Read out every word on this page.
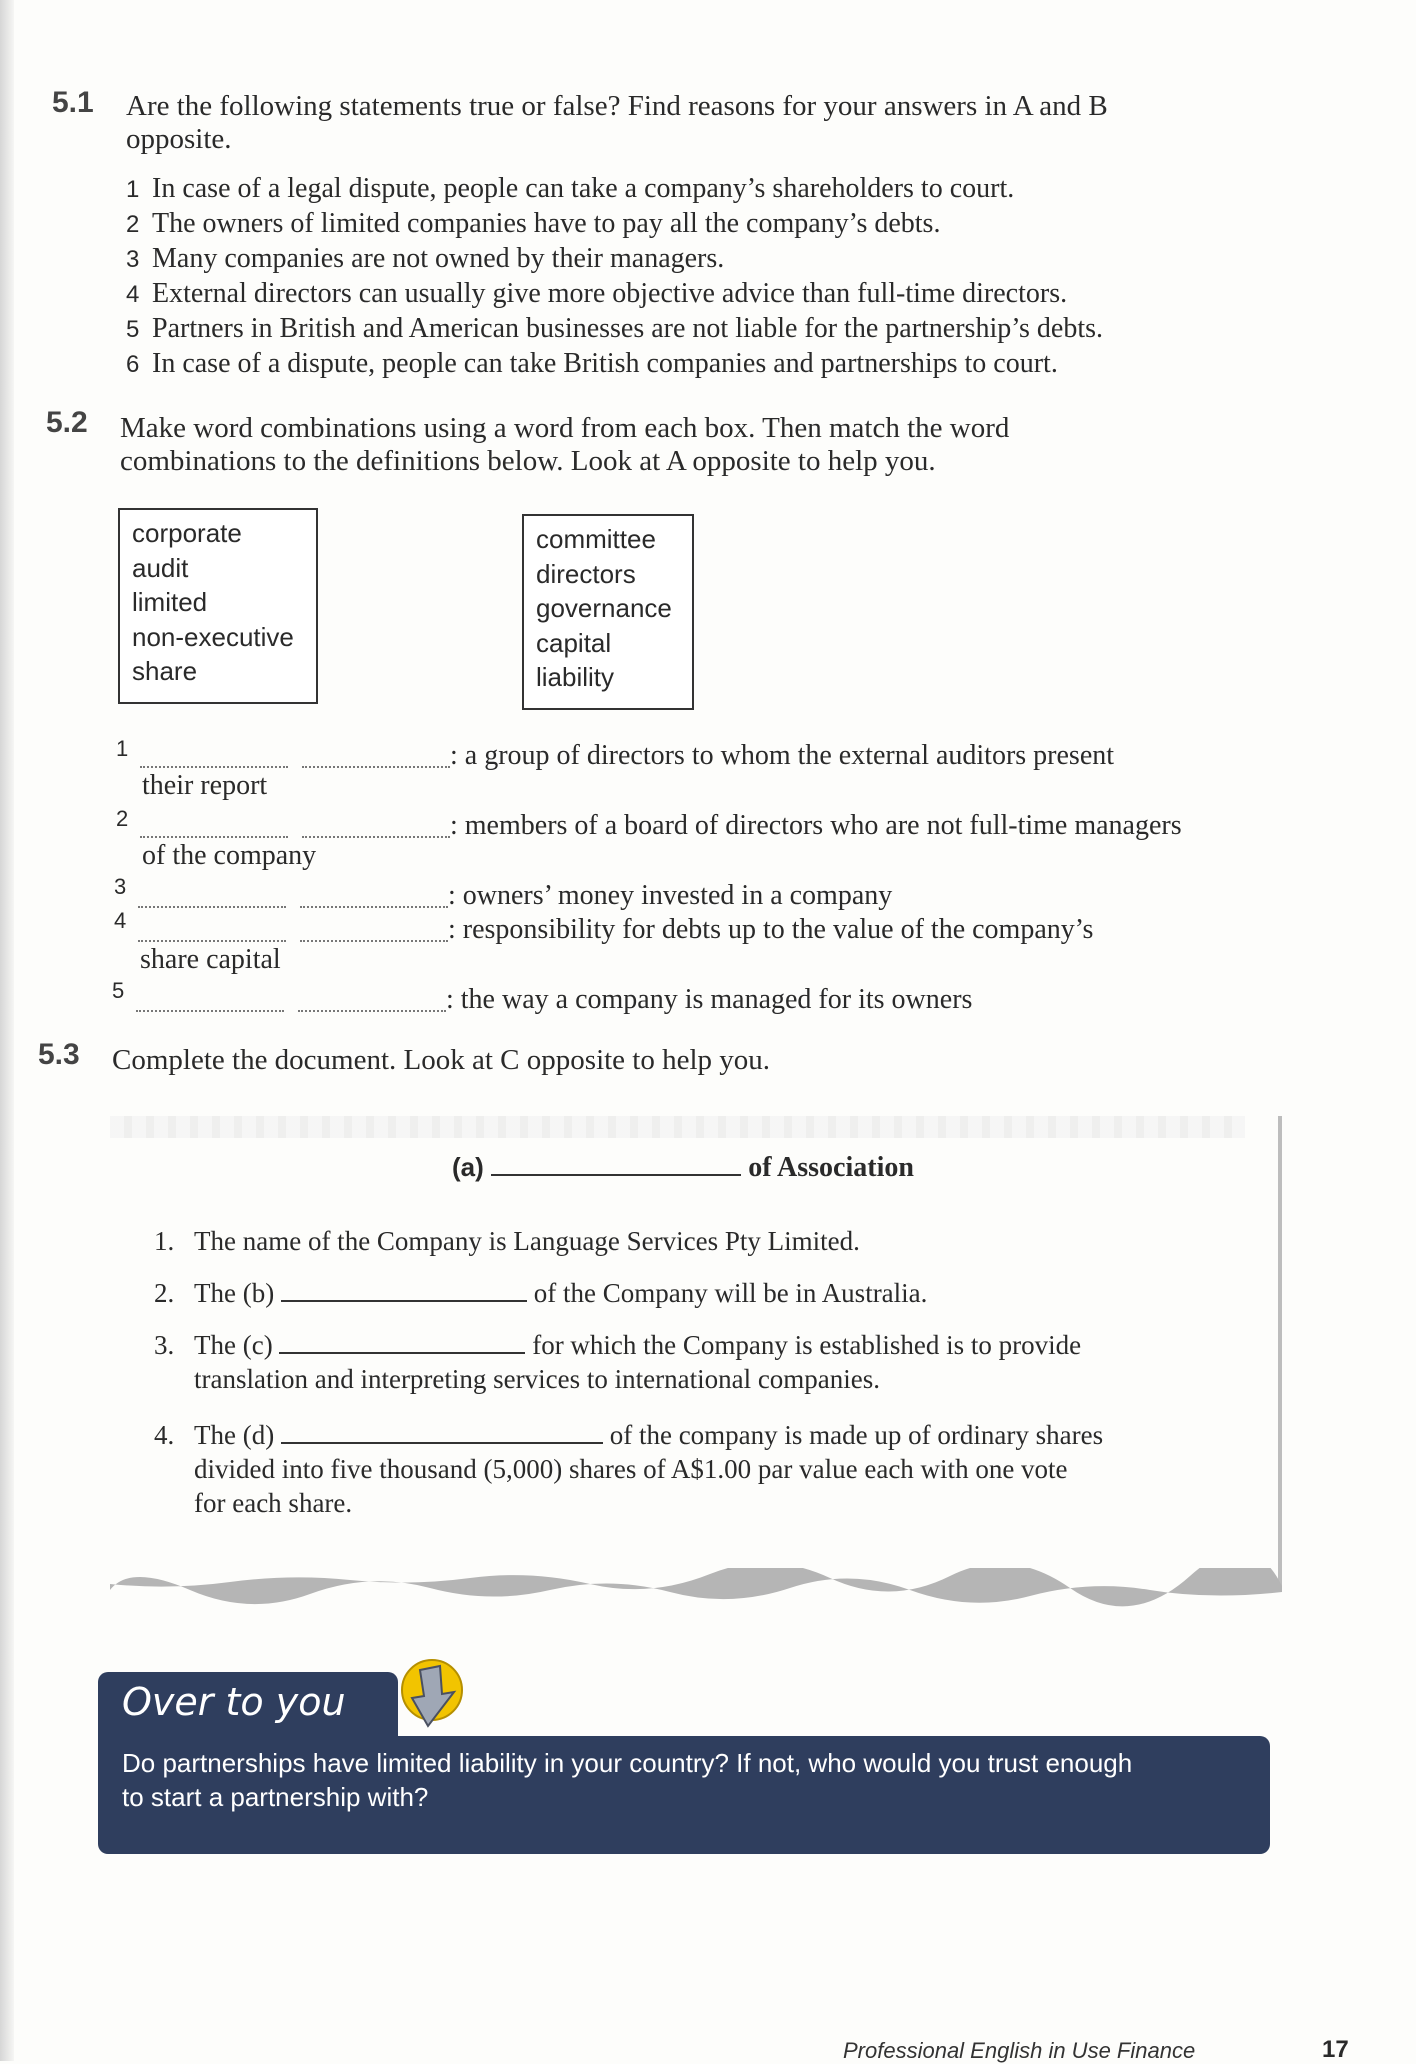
5.1 Are the following statements true or false? Find reasons for your answers in A and B
opposite.
1 In case of a legal dispute, people can take a company’s shareholders to court.
2 The owners of limited companies have to pay all the company’s debts.
3 Many companies are not owned by their managers.
4 External directors can usually give more objective advice than full-time directors.
5 Partners in British and American businesses are not liable for the partnership’s debts.
6 In case of a dispute, people can take British companies and partnerships to court.
5.2 Make word combinations using a word from each box. Then match the word
combinations to the definitions below. Look at A opposite to help you.
corporate
audit
limited
non-executive
share
committee
directors
governance
capital
liability
1	: a group of directors to whom the external auditors present
their report
2	: members of a board of directors who are not full-time managers
of the company
3	: owners’ money invested in a company
4	: responsibility for debts up to the value of the company’s
share capital
5	: the way a company is managed for its owners
5.3 Complete the document. Look at C opposite to help you.
(a)	of Association
1. The name of the Company is Language Services Pty Limited.
2. The (b)	of the Company will be in Australia.
3. The (c)	for which the Company is established is to provide
translation and interpreting services to international companies.
4. The (d)	of the company is made up of ordinary shares
divided into five thousand (5,000) shares of A$1.00 par value each with one vote
for each share.
Over to you
Do partnerships have limited liability in your country? If not, who would you trust enough
to start a partnership with?
Professional English in Use Finance	17
